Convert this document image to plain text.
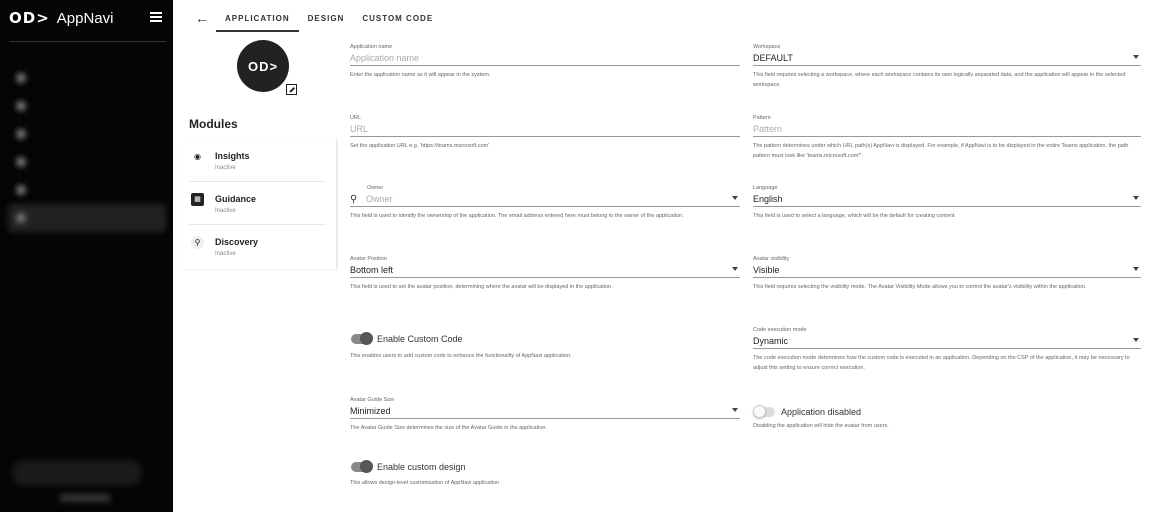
OD> AppNavi

	←	APPLICATION	DESIGN	CUSTOM CODE
OD>
Modules
◉	Insights
Inactive
▦	Guidance
Inactive
⚲	Discovery
Inactive
Application name
Application name
Enter the application name as it will appear in the system.
URL
URL
Set the application URL e.g. 'https://teams.microsoft.com'
Owner
⚲ Owner
This field is used to identify the ownership of the application. The email address entered here must belong to the owner of the application.
Avatar Position
Bottom left
This field is used to set the avatar position, determining where the avatar will be displayed in the application.
Enable Custom Code
This enables users to add custom code to enhance the functionality of AppNavi application.
Avatar Guide Size
Minimized
The Avatar Guide Size determines the size of the Avatar Guide in the application.
Enable custom design
This allows design-level customization of AppNavi application
Workspace
DEFAULT
This field requires selecting a workspace, where each workspace contains its own logically separated data, and the application will appear in the selected workspace.
Pattern
Pattern
The pattern determines under which URL path(s) AppNavi is displayed. For example, if AppNavi is to be displayed in the entire Teams application, the path pattern must look like 'teams.microsoft.com*'.
Language
English
This field is used to select a language, which will be the default for creating content
Avatar visibility
Visible
This field requires selecting the visibility mode. The Avatar Visibility Mode allows you to control the avatar's visibility within the application.
Code execution mode
Dynamic
The code execution mode determines how the custom code is executed in an application. Depending on the CSP of the application, it may be necessary to adjust this setting to ensure correct execution.
Application disabled
Disabling the application will hide the avatar from users.
